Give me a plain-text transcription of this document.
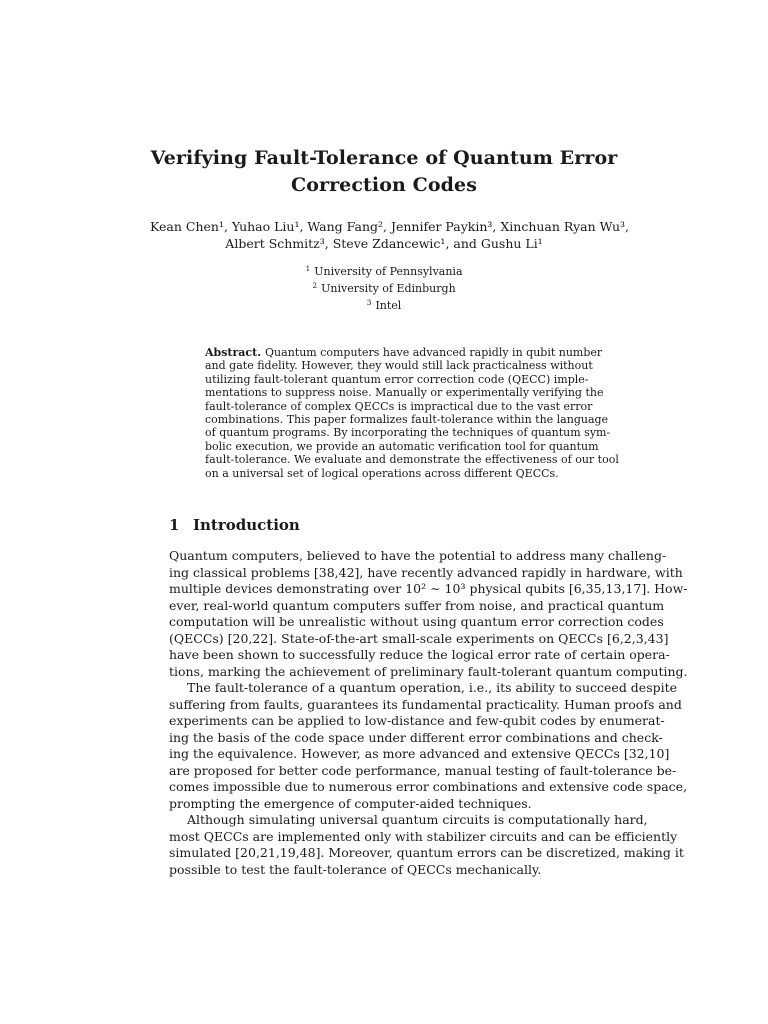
Verifying Fault-Tolerance of Quantum Error
Correction Codes
Kean Chen¹, Yuhao Liu¹, Wang Fang², Jennifer Paykin³, Xinchuan Ryan Wu³,
Albert Schmitz³, Steve Zdancewic¹, and Gushu Li¹
$^1$ University of Pennsylvania
$^2$ University of Edinburgh
$^3$ Intel
Abstract. Quantum computers have advanced rapidly in qubit number
and gate fidelity. However, they would still lack practicalness without
utilizing fault-tolerant quantum error correction code (QECC) imple-
mentations to suppress noise. Manually or experimentally verifying the
fault-tolerance of complex QECCs is impractical due to the vast error
combinations. This paper formalizes fault-tolerance within the language
of quantum programs. By incorporating the techniques of quantum sym-
bolic execution, we provide an automatic verification tool for quantum
fault-tolerance. We evaluate and demonstrate the effectiveness of our tool
on a universal set of logical operations across different QECCs.
1 Introduction
Quantum computers, believed to have the potential to address many challeng-
ing classical problems [38,42], have recently advanced rapidly in hardware, with
multiple devices demonstrating over 10² ∼ 10³ physical qubits [6,35,13,17]. How-
ever, real-world quantum computers suffer from noise, and practical quantum
computation will be unrealistic without using quantum error correction codes
(QECCs) [20,22]. State-of-the-art small-scale experiments on QECCs [6,2,3,43]
have been shown to successfully reduce the logical error rate of certain opera-
tions, marking the achievement of preliminary fault-tolerant quantum computing.
The fault-tolerance of a quantum operation, i.e., its ability to succeed despite
suffering from faults, guarantees its fundamental practicality. Human proofs and
experiments can be applied to low-distance and few-qubit codes by enumerat-
ing the basis of the code space under different error combinations and check-
ing the equivalence. However, as more advanced and extensive QECCs [32,10]
are proposed for better code performance, manual testing of fault-tolerance be-
comes impossible due to numerous error combinations and extensive code space,
prompting the emergence of computer-aided techniques.
Although simulating universal quantum circuits is computationally hard,
most QECCs are implemented only with stabilizer circuits and can be efficiently
simulated [20,21,19,48]. Moreover, quantum errors can be discretized, making it
possible to test the fault-tolerance of QECCs mechanically.
